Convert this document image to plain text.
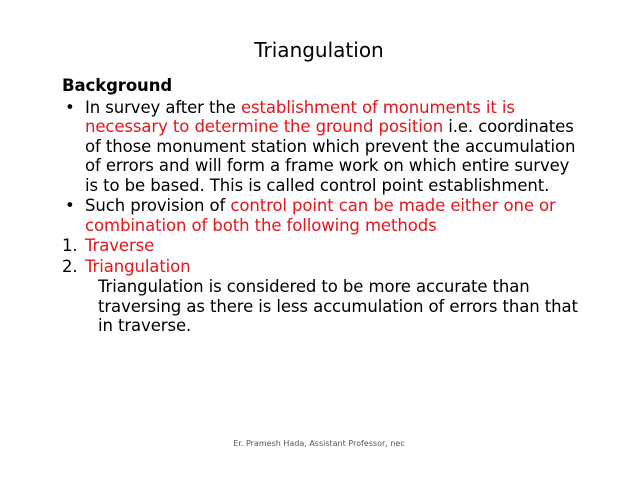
Triangulation
Background
• In survey after the establishment of monuments it is necessary to determine the ground position i.e. coordinates of those monument station which prevent the accumulation of errors and will form a frame work on which entire survey is to be based. This is called control point establishment.
• Such provision of control point can be made either one or combination of both the following methods
1. Traverse
2. Triangulation
Triangulation is considered to be more accurate than traversing as there is less accumulation of errors than that in traverse.
Er. Pramesh Hada, Assistant Professor, nec
